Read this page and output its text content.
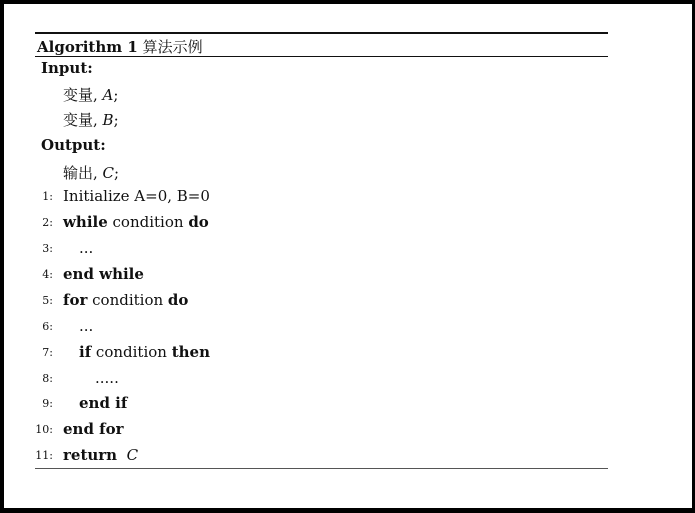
Algorithm 1 算法示例
Input:
变量, A;
变量, B;
Output:
输出, C;
1: Initialize A=0, B=0
2: while condition do
3: ...
4: end while
5: for condition do
6: ...
7: if condition then
8:	.....
9: end if
10: end for
11: return C
